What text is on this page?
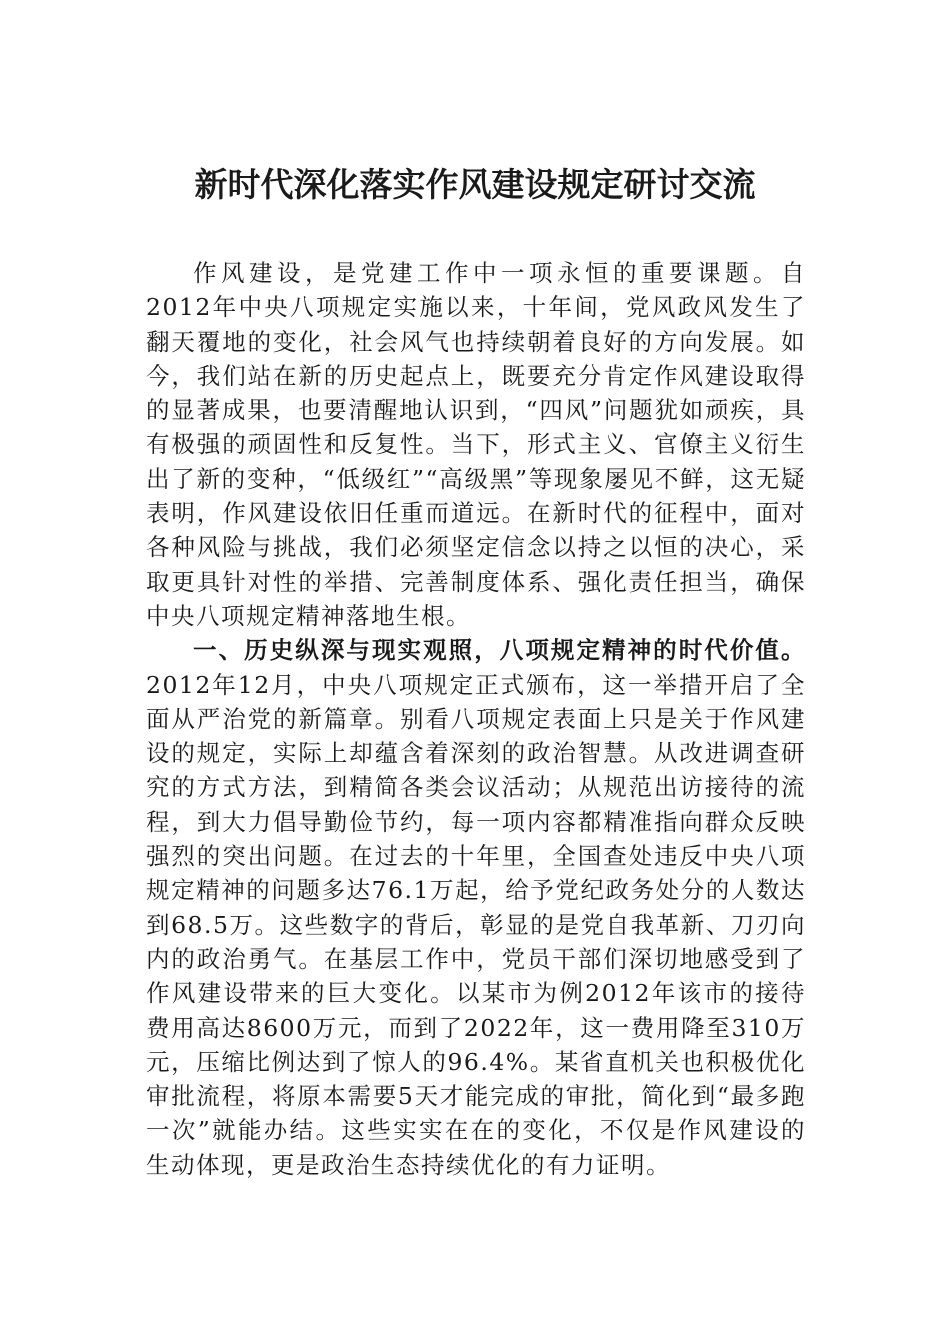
新时代深化落实作风建设规定研讨交流

作风建设，是党建工作中一项永恒的重要课题。自2012年中央八项规定实施以来，十年间，党风政风发生了翻天覆地的变化，社会风气也持续朝着良好的方向发展。如今，我们站在新的历史起点上，既要充分肯定作风建设取得的显著成果，也要清醒地认识到，“四风”问题犹如顽疾，具有极强的顽固性和反复性。当下，形式主义、官僚主义衍生出了新的变种，“低级红”“高级黑”等现象屡见不鲜，这无疑表明，作风建设依旧任重而道远。在新时代的征程中，面对各种风险与挑战，我们必须坚定信念以持之以恒的决心，采取更具针对性的举措、完善制度体系、强化责任担当，确保中央八项规定精神落地生根。

一、历史纵深与现实观照，八项规定精神的时代价值。2012年12月，中央八项规定正式颁布，这一举措开启了全面从严治党的新篇章。别看八项规定表面上只是关于作风建设的规定，实际上却蕴含着深刻的政治智慧。从改进调查研究的方式方法，到精简各类会议活动；从规范出访接待的流程，到大力倡导勤俭节约，每一项内容都精准指向群众反映强烈的突出问题。在过去的十年里，全国查处违反中央八项规定精神的问题多达76.1万起，给予党纪政务处分的人数达到68.5万。这些数字的背后，彰显的是党自我革新、刀刃向内的政治勇气。在基层工作中，党员干部们深切地感受到了作风建设带来的巨大变化。以某市为例2012年该市的接待费用高达8600万元，而到了2022年，这一费用降至310万元，压缩比例达到了惊人的96.4%。某省直机关也积极优化审批流程，将原本需要5天才能完成的审批，简化到“最多跑一次”就能办结。这些实实在在的变化，不仅是作风建设的生动体现，更是政治生态持续优化的有力证明。
